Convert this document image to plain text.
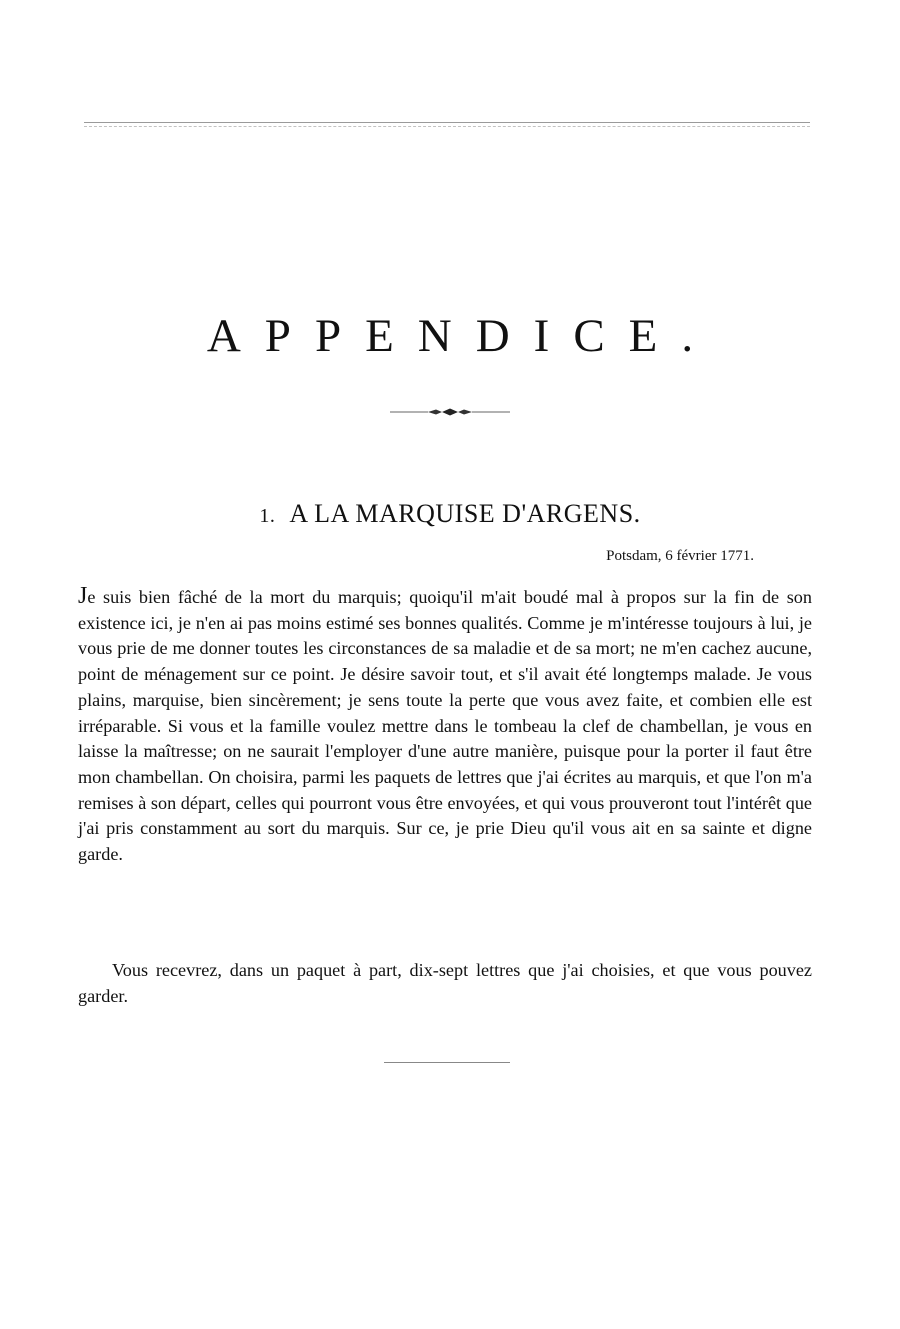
APPENDICE.
1. A LA MARQUISE D'ARGENS.

Potsdam, 6 février 1771.

Je suis bien fâché de la mort du marquis; quoiqu'il m'ait boudé mal à propos sur la fin de son existence ici, je n'en ai pas moins estimé ses bonnes qualités. Comme je m'intéresse toujours à lui, je vous prie de me donner toutes les circonstances de sa maladie et de sa mort; ne m'en cachez aucune, point de ménagement sur ce point. Je désire savoir tout, et s'il avait été longtemps malade. Je vous plains, marquise, bien sincèrement; je sens toute la perte que vous avez faite, et combien elle est irréparable. Si vous et la famille voulez mettre dans le tombeau la clef de chambellan, je vous en laisse la maîtresse; on ne saurait l'employer d'une autre manière, puisque pour la porter il faut être mon chambellan. On choisira, parmi les paquets de lettres que j'ai écrites au marquis, et que l'on m'a remises à son départ, celles qui pourront vous être envoyées, et qui vous prouveront tout l'intérêt que j'ai pris constamment au sort du marquis. Sur ce, je prie Dieu qu'il vous ait en sa sainte et digne garde.

Vous recevrez, dans un paquet à part, dix-sept lettres que j'ai choisies, et que vous pouvez garder.
